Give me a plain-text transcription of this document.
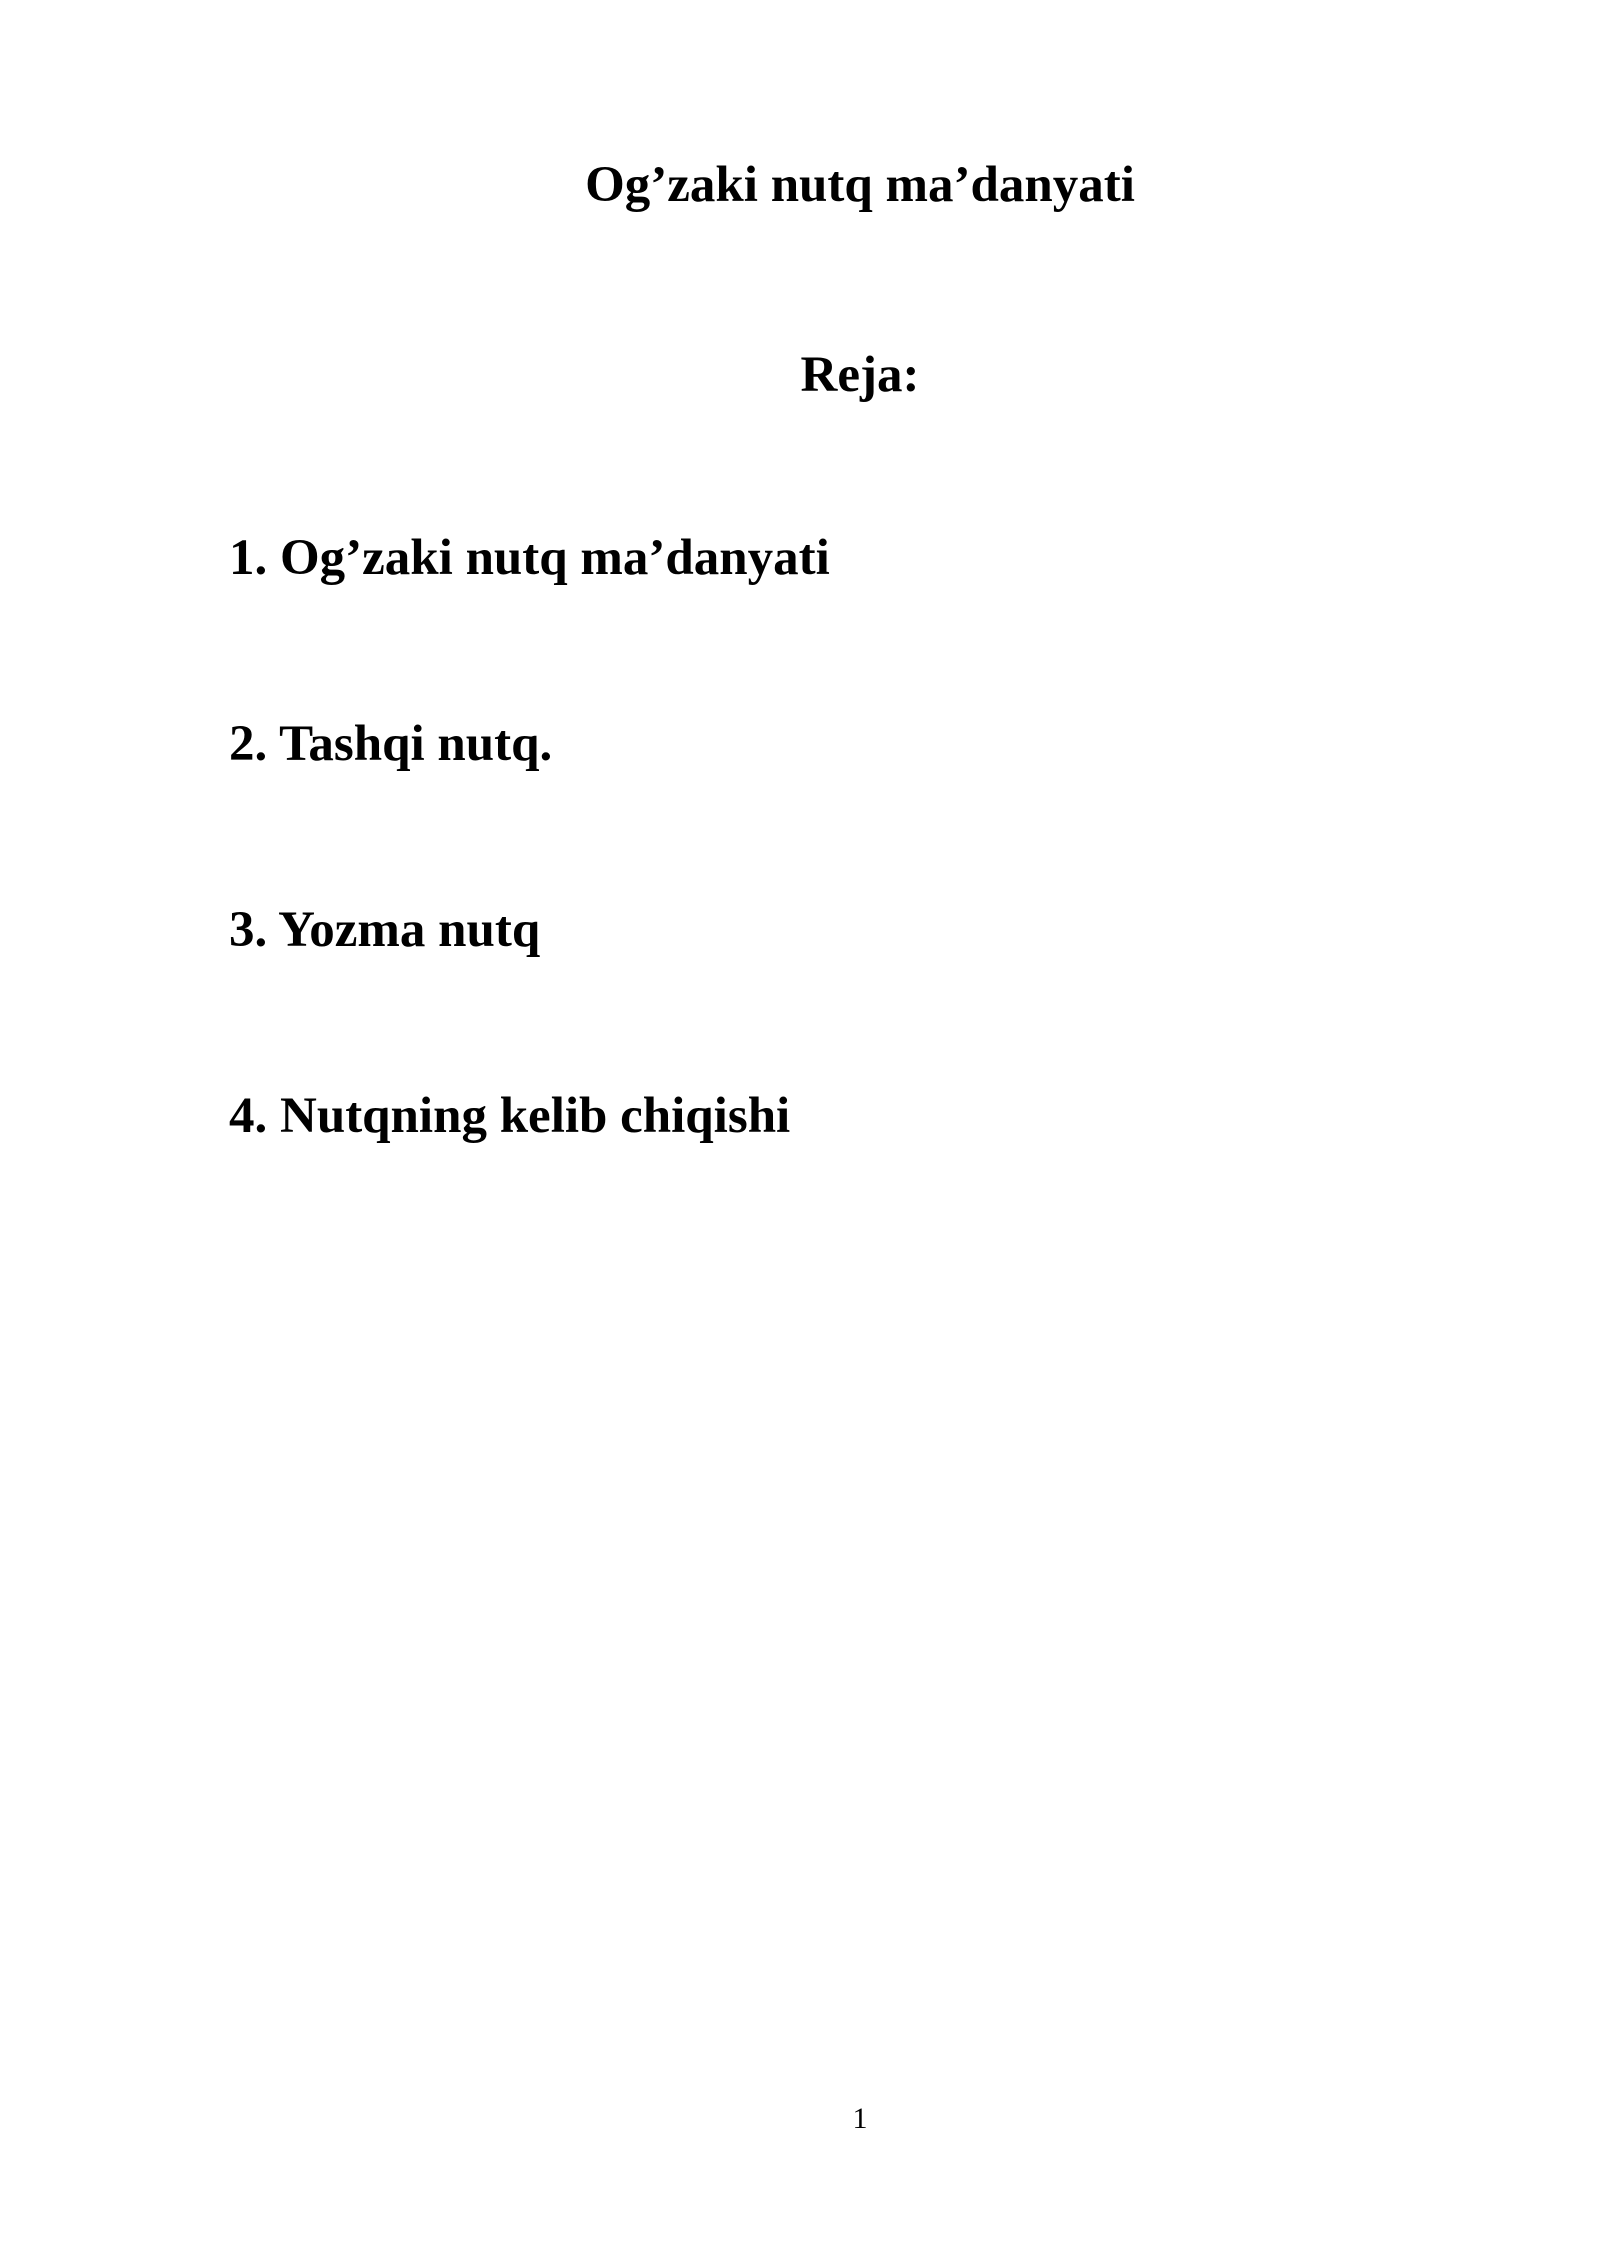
Og’zaki nutq ma’danyati
Reja:
1. Og’zaki nutq ma’danyati
2. Tashqi nutq.
3. Yozma nutq
4. Nutqning kelib chiqishi
1
